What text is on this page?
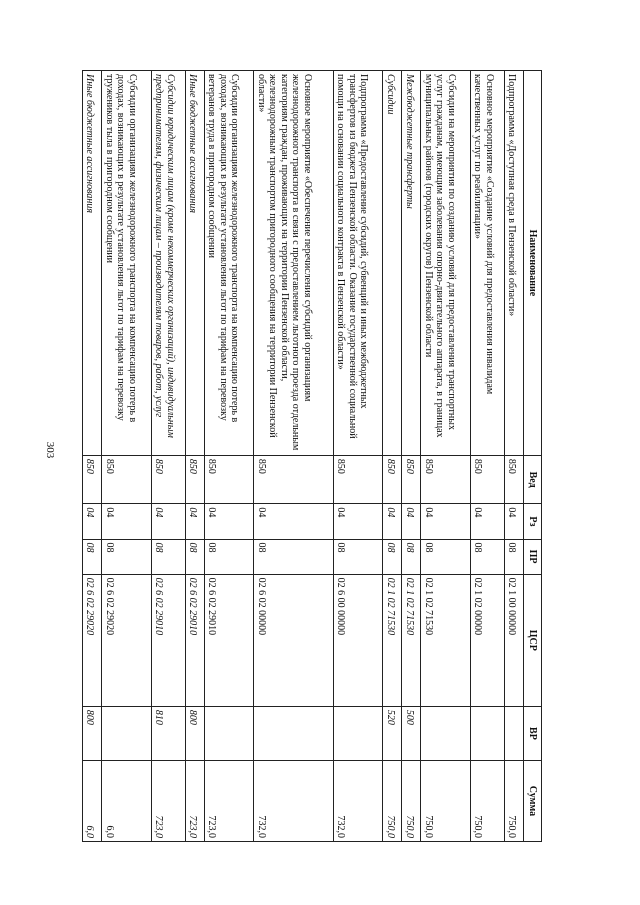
303
Наименование	Вед	Рз	ПР	ЦСР	ВР	Сумма
Подпрограмма «Доступная среда в Пензенской области»	850	04	08	02 1 00 00000		750,0
Основное мероприятие «Создание условий для предоставления инвалидам качественных услуг по реабилитации»	850	04	08	02 1 02 00000		750,0
Субсидии на мероприятия по созданию условий для предоставления транспортных услуг гражданам, имеющим заболевания опорно-двигательного аппарата, в границах муниципальных районов (городских округов) Пензенской области	850	04	08	02 1 02 71530		750,0
Межбюджетные трансферты	850	04	08	02 1 02 71530	500	750,0
Субсидии	850	04	08	02 1 02 71530	520	750,0
Подпрограмма «Предоставление субсидий, субвенций и иных межбюджетных трансфертов из бюджета Пензенской области. Оказание государственной социальной помощи на основании социального контракта в Пензенской области»	850	04	08	02 6 00 00000		732,0
Основное мероприятие «Обеспечение перечисления субсидий организациям железнодорожного транспорта в связи с предоставлением льготного проезда отдельным категориям граждан, проживающих на территории Пензенской области, железнодорожным транспортом пригородного сообщения на территории Пензенской области»	850	04	08	02 6 02 00000		732,0
Субсидии организациям железнодорожного транспорта на компенсацию потерь в доходах, возникающих в результате установления льгот по тарифам на перевозку ветеранов труда в пригородном сообщении	850	04	08	02 6 02 29010		723,0
Иные бюджетные ассигнования	850	04	08	02 6 02 29010	800	723,0
Субсидии юридическим лицам (кроме некоммерческих организаций), индивидуальным предпринимателям, физическим лицам – производителям товаров, работ, услуг	850	04	08	02 6 02 29010	810	723,0
Субсидии организациям железнодорожного транспорта на компенсацию потерь в доходах, возникающих в результате установления льгот по тарифам на перевозку тружеников тыла в пригородном сообщении	850	04	08	02 6 02 29020		6,0
Иные бюджетные ассигнования	850	04	08	02 6 02 29020	800	6,0
